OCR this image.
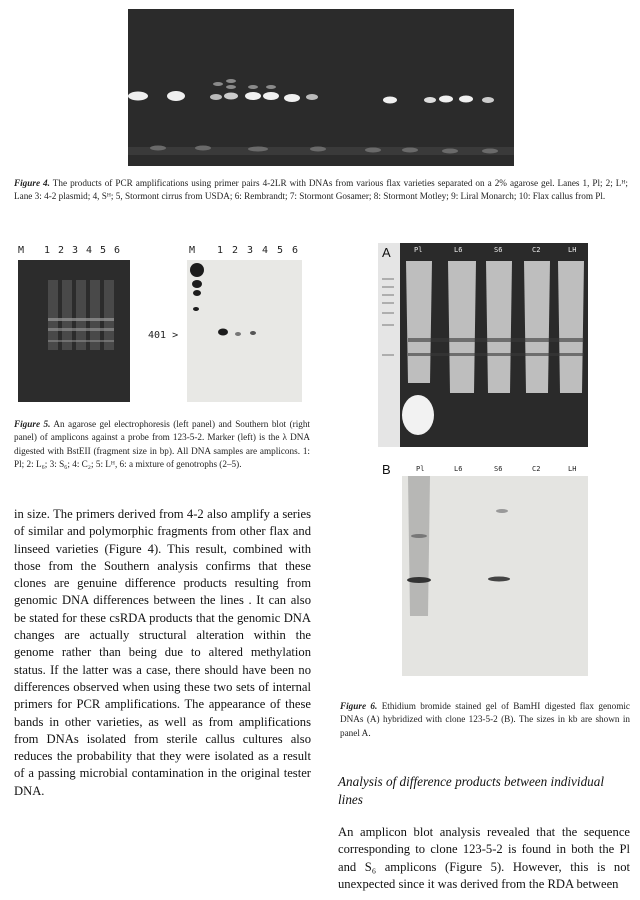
Figure 4. The products of PCR amplifications using primer pairs 4-2LR with DNAs from various flax varieties separated on a 2% agarose gel. Lanes 1, Pl; 2; Lᴴ; Lane 3: 4-2 plasmid; 4, Sᴴ; 5, Stormont cirrus from USDA; 6: Rembrandt; 7: Stormont Gosamer; 8: Stormont Motley; 9: Liral Monarch; 10: Flax callus from Pl.
M 1 2 3 4 5 6	M 1 2 3 4 5 6
401 >
Figure 5. An agarose gel electrophoresis (left panel) and Southern blot (right panel) of amplicons against a probe from 123-5-2. Marker (left) is the λ DNA digested with BstEII (fragment size in bp). All DNA samples are amplicons. 1: Pl; 2: L₆; 3: S₆; 4: C₂; 5: Lᴴ, 6: a mixture of genotrophs (2–5).
A	Pl	L6	S6	C2	LH
B	Pl	L6	S6	C2	LH
Figure 6. Ethidium bromide stained gel of BamHI digested flax genomic DNAs (A) hybridized with clone 123-5-2 (B). The sizes in kb are shown in panel A.

in size. The primers derived from 4-2 also amplify a series of similar and polymorphic fragments from other flax and linseed varieties (Figure 4). This result, combined with those from the Southern analysis confirms that these clones are genuine difference products resulting from genomic DNA differences between the lines . It can also be stated for these csRDA products that the genomic DNA changes are actually structural alteration within the genome rather than being due to altered methylation status. If the latter was a case, there should have been no differences observed when using these two sets of internal primers for PCR amplifications. The appearance of these bands in other varieties, as well as from amplifications from DNAs isolated from sterile callus cultures also reduces the probability that they were isolated as a result of a passing microbial contamination in the original tester DNA.

Analysis of difference products between individual lines

An amplicon blot analysis revealed that the sequence corresponding to clone 123-5-2 is found in both the Pl and S₆ amplicons (Figure 5). However, this is not unexpected since it was derived from the RDA between
